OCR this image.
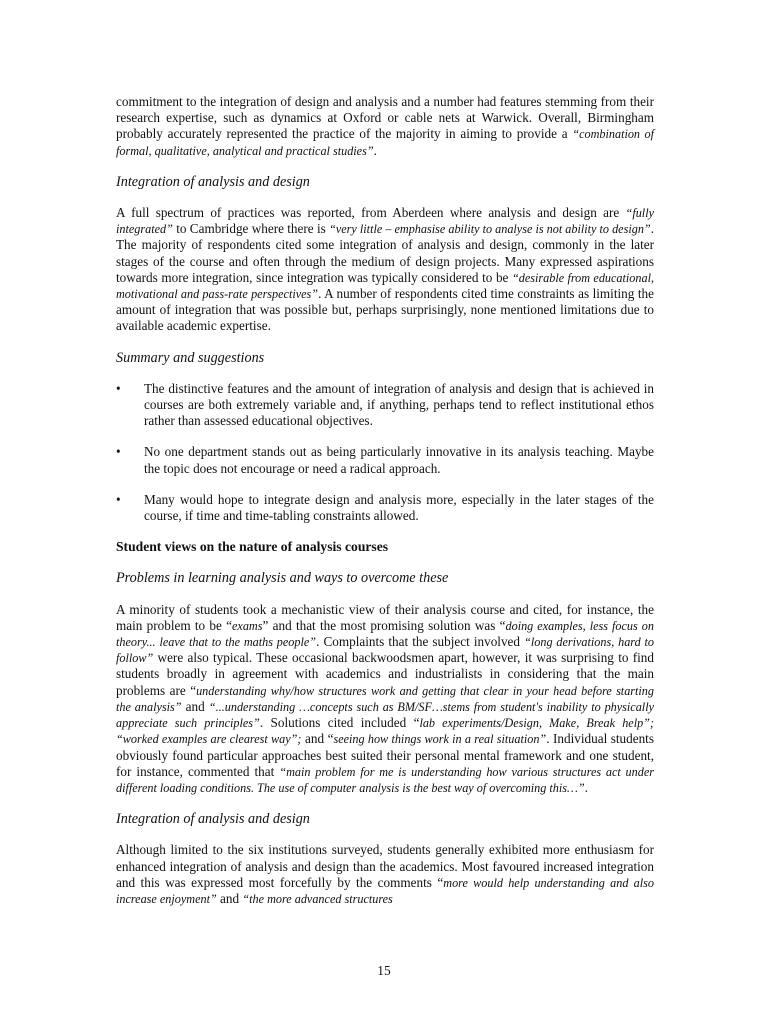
commitment to the integration of design and analysis and a number had features stemming from their research expertise, such as dynamics at Oxford or cable nets at Warwick. Overall, Birmingham probably accurately represented the practice of the majority in aiming to provide a “combination of formal, qualitative, analytical and practical studies”.

Integration of analysis and design

A full spectrum of practices was reported, from Aberdeen where analysis and design are “fully integrated” to Cambridge where there is “very little – emphasise ability to analyse is not ability to design”. The majority of respondents cited some integration of analysis and design, commonly in the later stages of the course and often through the medium of design projects. Many expressed aspirations towards more integration, since integration was typically considered to be “desirable from educational, motivational and pass-rate perspectives”. A number of respondents cited time constraints as limiting the amount of integration that was possible but, perhaps surprisingly, none mentioned limitations due to available academic expertise.

Summary and suggestions

• The distinctive features and the amount of integration of analysis and design that is achieved in courses are both extremely variable and, if anything, perhaps tend to reflect institutional ethos rather than assessed educational objectives.
• No one department stands out as being particularly innovative in its analysis teaching. Maybe the topic does not encourage or need a radical approach.
• Many would hope to integrate design and analysis more, especially in the later stages of the course, if time and time-tabling constraints allowed.

Student views on the nature of analysis courses

Problems in learning analysis and ways to overcome these

A minority of students took a mechanistic view of their analysis course and cited, for instance, the main problem to be “exams” and that the most promising solution was “doing examples, less focus on theory... leave that to the maths people”. Complaints that the subject involved “long derivations, hard to follow” were also typical. These occasional backwoodsmen apart, however, it was surprising to find students broadly in agreement with academics and industrialists in considering that the main problems are “understanding why/how structures work and getting that clear in your head before starting the analysis” and “...understanding …concepts such as BM/SF…stems from student's inability to physically appreciate such principles”. Solutions cited included “lab experiments/Design, Make, Break help”; “worked examples are clearest way”; and “seeing how things work in a real situation”. Individual students obviously found particular approaches best suited their personal mental framework and one student, for instance, commented that “main problem for me is understanding how various structures act under different loading conditions. The use of computer analysis is the best way of overcoming this…”.

Integration of analysis and design

Although limited to the six institutions surveyed, students generally exhibited more enthusiasm for enhanced integration of analysis and design than the academics. Most favoured increased integration and this was expressed most forcefully by the comments “more would help understanding and also increase enjoyment” and “the more advanced structures

15
